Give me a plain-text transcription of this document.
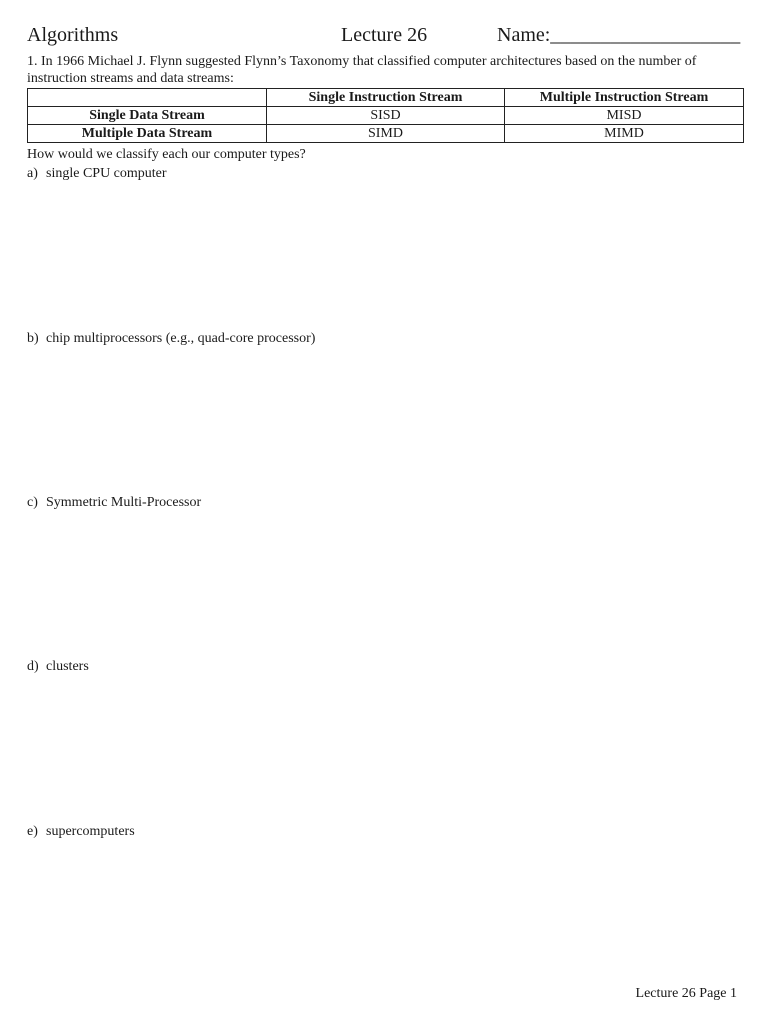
Algorithms	Lecture 26	Name:___________________
1. In 1966 Michael J. Flynn suggested Flynn’s Taxonomy that classified computer architectures based on the number of instruction streams and data streams:
	Single Instruction Stream	Multiple Instruction Stream
Single Data Stream	SISD	MISD
Multiple Data Stream	SIMD	MIMD
How would we classify each our computer types?
a) single CPU computer
b) chip multiprocessors (e.g., quad-core processor)
c) Symmetric Multi-Processor
d) clusters
e) supercomputers
Lecture 26 Page 1
